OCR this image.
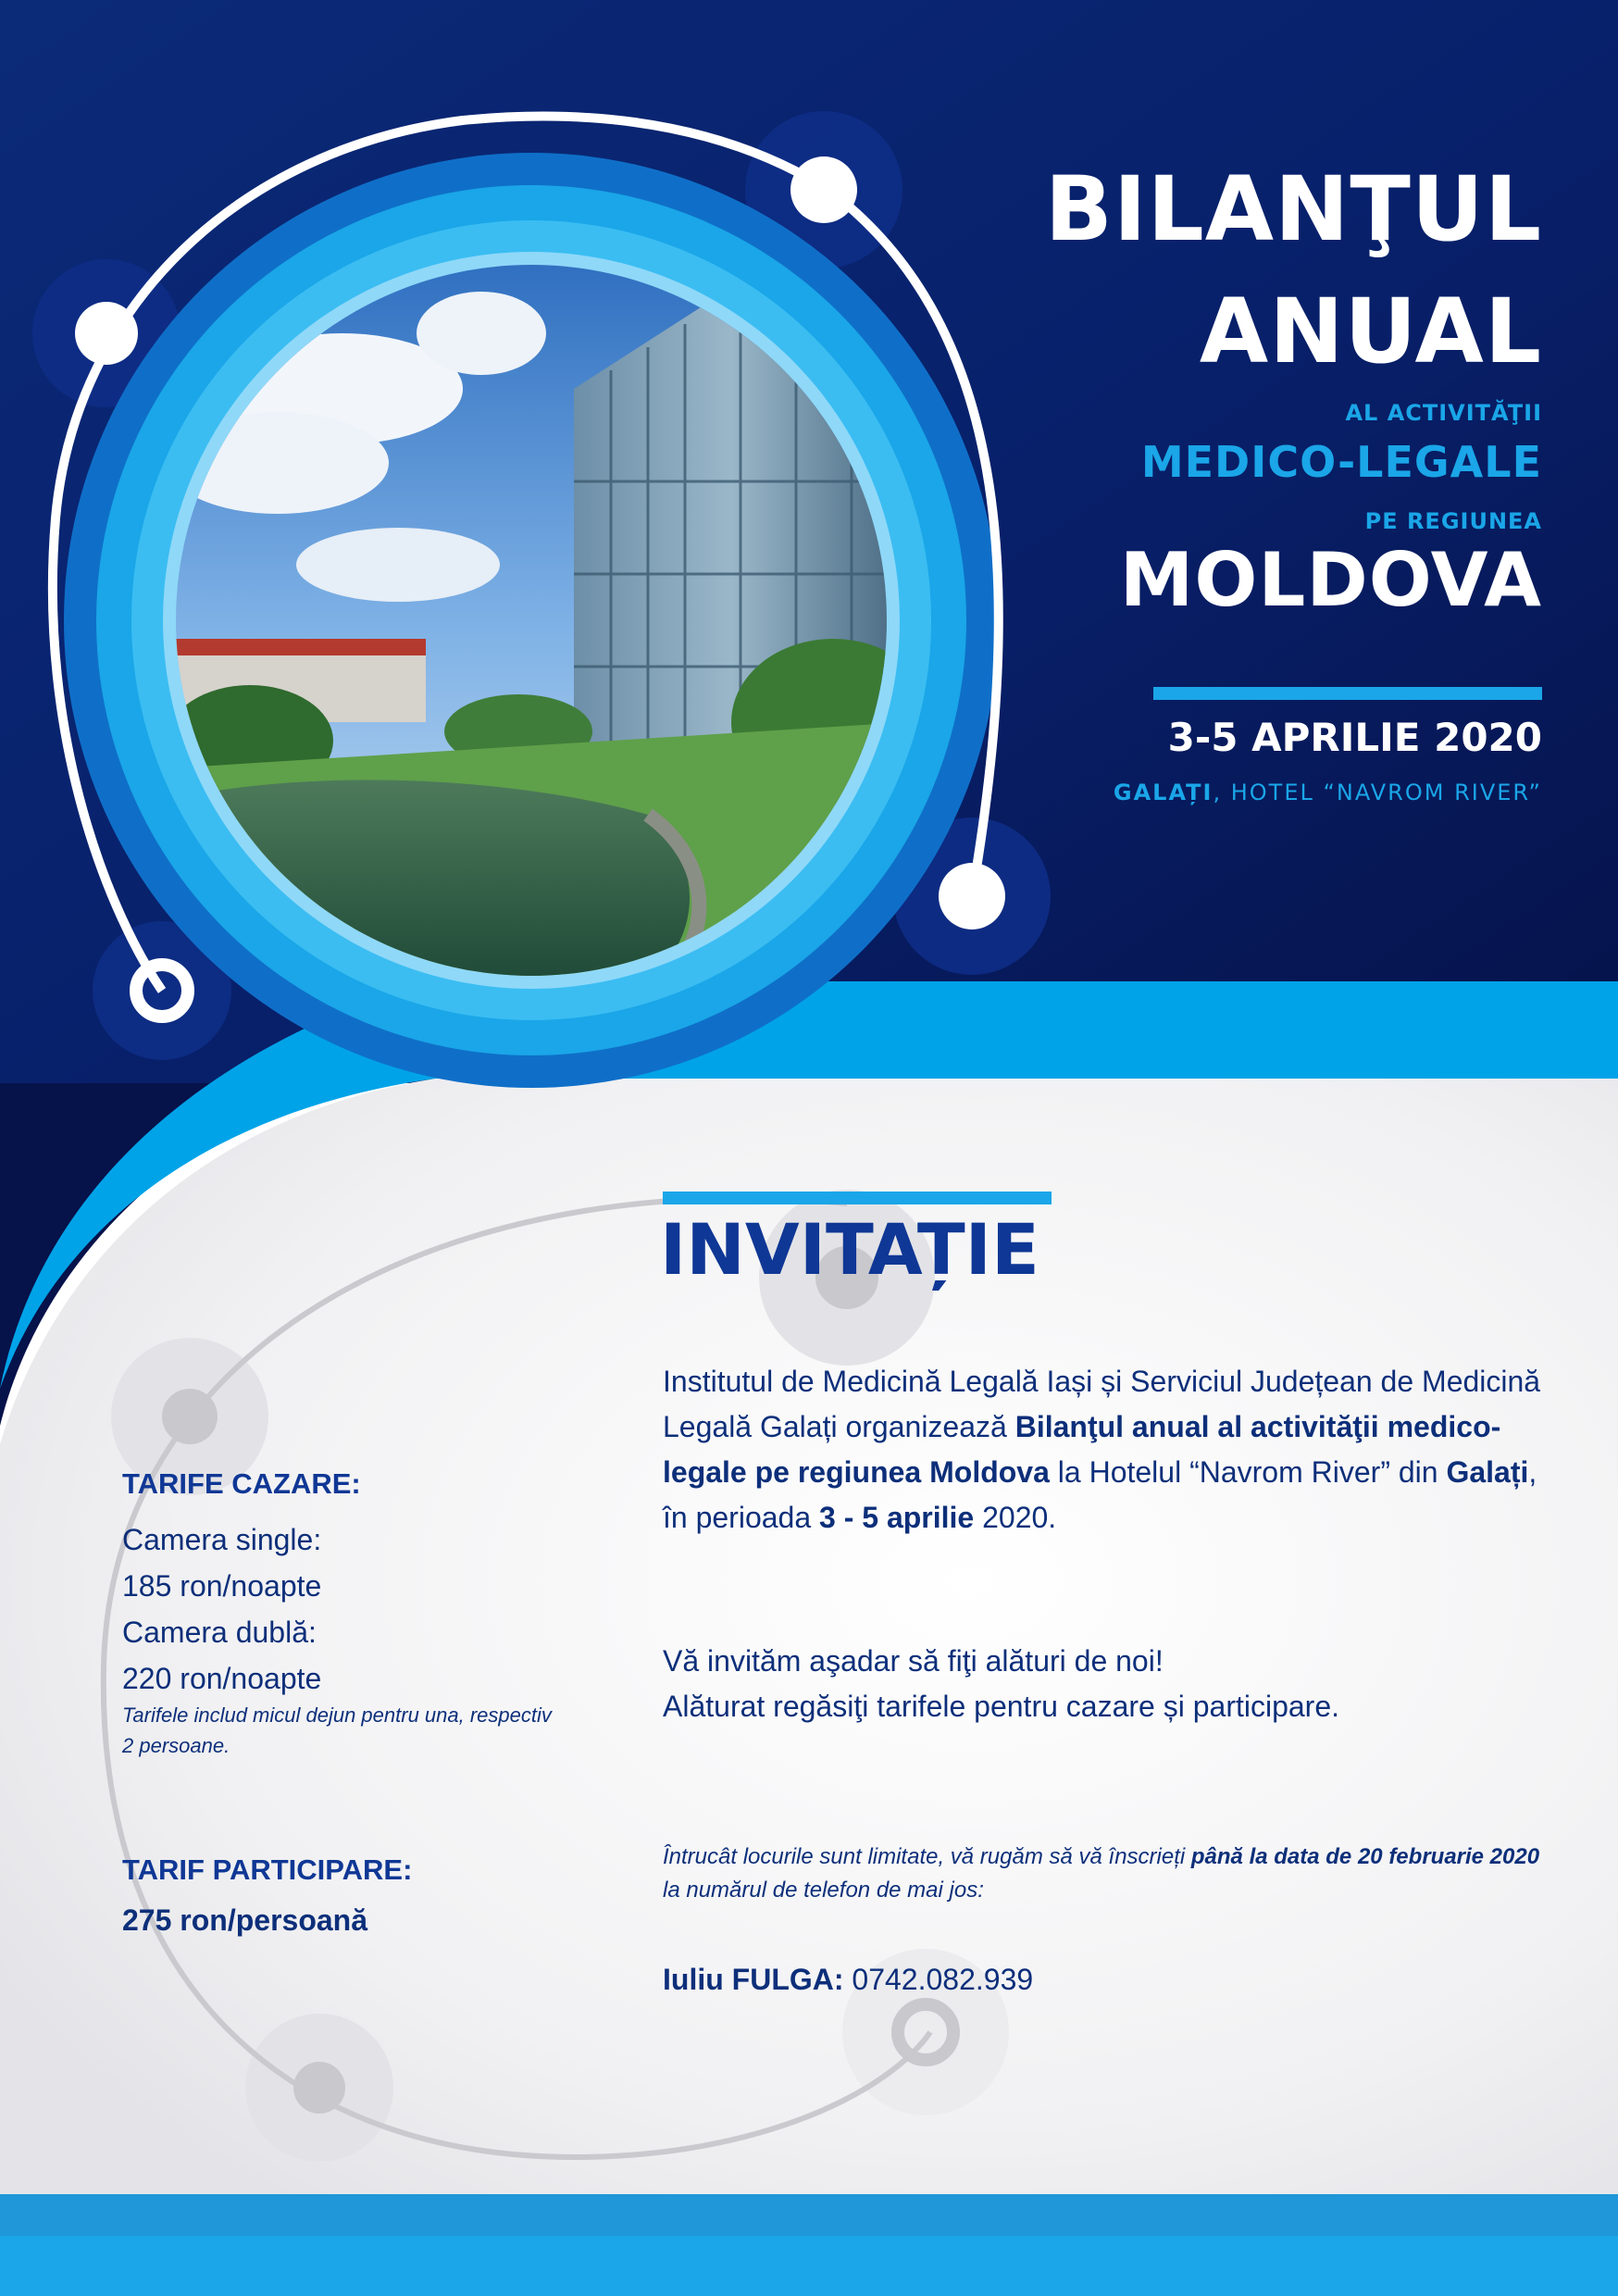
BILANŢUL
ANUAL
AL ACTIVITĂŢII
MEDICO-LEGALE
PE REGIUNEA
MOLDOVA
3-5 APRILIE 2020
GALAȚI, HOTEL “NAVROM RIVER”
INVITAȚIE
Institutul de Medicină Legală Iași și Serviciul Județean de Medicină Legală Galați organizează Bilanţul anual al activităţii medico-legale pe regiunea Moldova la Hotelul “Navrom River” din Galați, în perioada 3 - 5 aprilie 2020.
Vă invităm aşadar să fiţi alături de noi!
Alăturat regăsiţi tarifele pentru cazare și participare.
Întrucât locurile sunt limitate, vă rugăm să vă înscrieți până la data de 20 februarie 2020 la numărul de telefon de mai jos:
Iuliu FULGA: 0742.082.939
TARIFE CAZARE:
Camera single:
185 ron/noapte
Camera dublă:
220 ron/noapte
Tarifele includ micul dejun pentru una, respectiv 2 persoane.
TARIF PARTICIPARE:
275 ron/persoană
